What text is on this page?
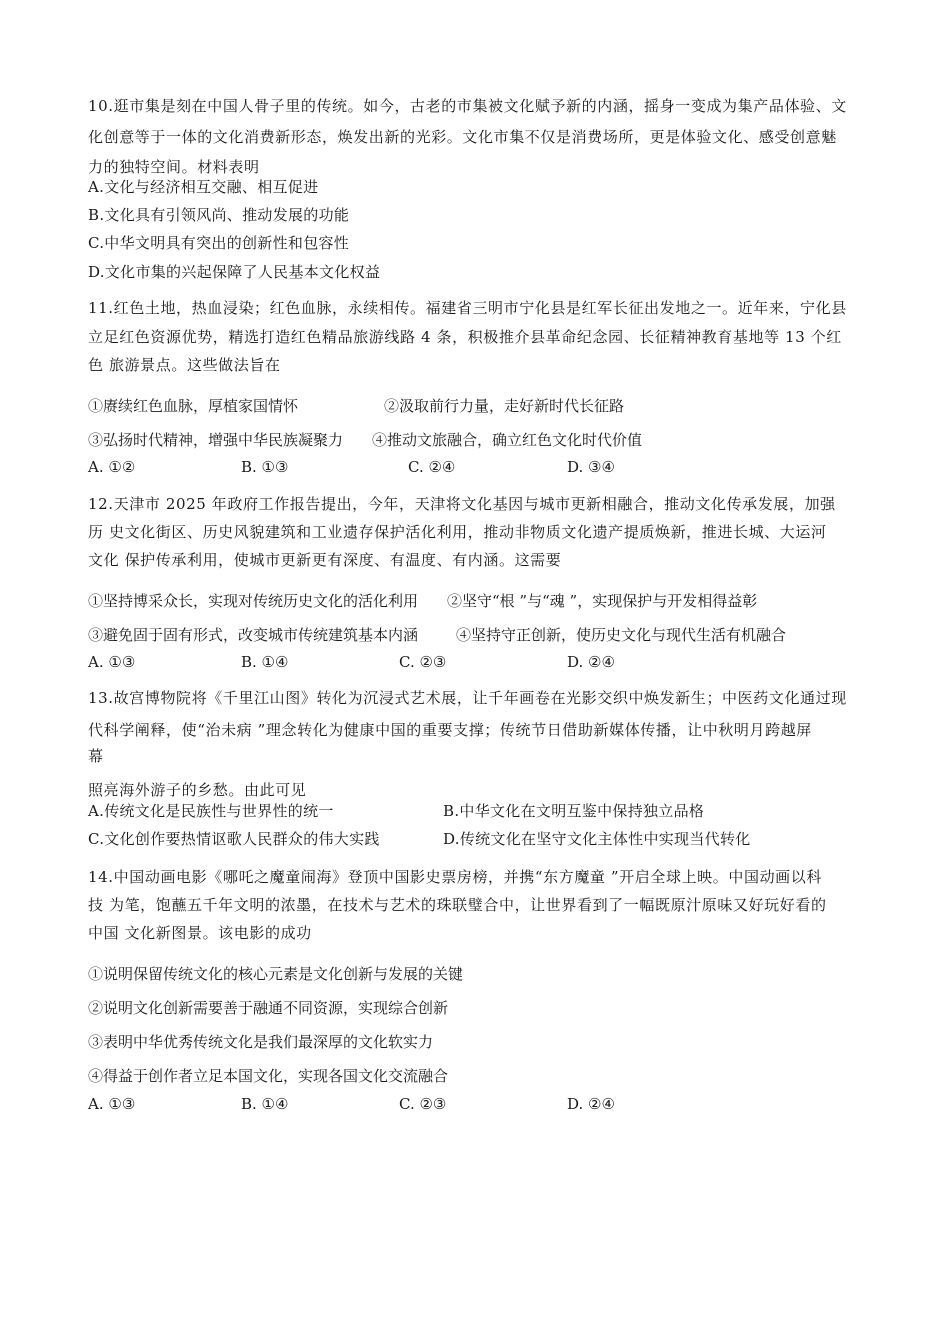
10.逛市集是刻在中国人骨子里的传统。如今，古老的市集被文化赋予新的内涵，摇身一变成为集产品体验、文
化创意等于一体的文化消费新形态，焕发出新的光彩。文化市集不仅是消费场所，更是体验文化、感受创意魅
力的独特空间。材料表明
A.文化与经济相互交融、相互促进
B.文化具有引领风尚、推动发展的功能
C.中华文明具有突出的创新性和包容性
D.文化市集的兴起保障了人民基本文化权益
11.红色土地，热血浸染；红色血脉，永续相传。福建省三明市宁化县是红军长征出发地之一。近年来，宁化县
立足红色资源优势，精选打造红色精品旅游线路 4 条，积极推介县革命纪念园、长征精神教育基地等 13 个红
色 旅游景点。这些做法旨在
①赓续红色血脉，厚植家国情怀	②汲取前行力量，走好新时代长征路
③弘扬时代精神，增强中华民族凝聚力 ④推动文旅融合，确立红色文化时代价值
A. ①②	B. ①③	C. ②④	D. ③④
12.天津市 2025 年政府工作报告提出，今年，天津将文化基因与城市更新相融合，推动文化传承发展，加强
历 史文化街区、历史风貌建筑和工业遗存保护活化利用，推动非物质文化遗产提质焕新，推进长城、大运河
文化 保护传承利用，使城市更新更有深度、有温度、有内涵。这需要
①坚持博采众长，实现对传统历史文化的活化利用 ②坚守“根 ”与“魂 ”，实现保护与开发相得益彰
③避免固于固有形式，改变城市传统建筑基本内涵	④坚持守正创新，使历史文化与现代生活有机融合
A. ①③	B. ①④	C. ②③	D. ②④
13.故宫博物院将《千里江山图》转化为沉浸式艺术展，让千年画卷在光影交织中焕发新生；中医药文化通过现
代科学阐释，使“治未病 ”理念转化为健康中国的重要支撑；传统节日借助新媒体传播，让中秋明月跨越屏
幕
照亮海外游子的乡愁。由此可见
A.传统文化是民族性与世界性的统一	B.中华文化在文明互鉴中保持独立品格
C.文化创作要热情讴歌人民群众的伟大实践	D.传统文化在坚守文化主体性中实现当代转化
14.中国动画电影《哪吒之魔童闹海》登顶中国影史票房榜，并携“东方魔童 ”开启全球上映。中国动画以科
技 为笔，饱蘸五千年文明的浓墨，在技术与艺术的珠联璧合中，让世界看到了一幅既原汁原味又好玩好看的
中国 文化新图景。该电影的成功
①说明保留传统文化的核心元素是文化创新与发展的关键
②说明文化创新需要善于融通不同资源，实现综合创新
③表明中华优秀传统文化是我们最深厚的文化软实力
④得益于创作者立足本国文化，实现各国文化交流融合
A. ①③	B. ①④	C. ②③	D. ②④
